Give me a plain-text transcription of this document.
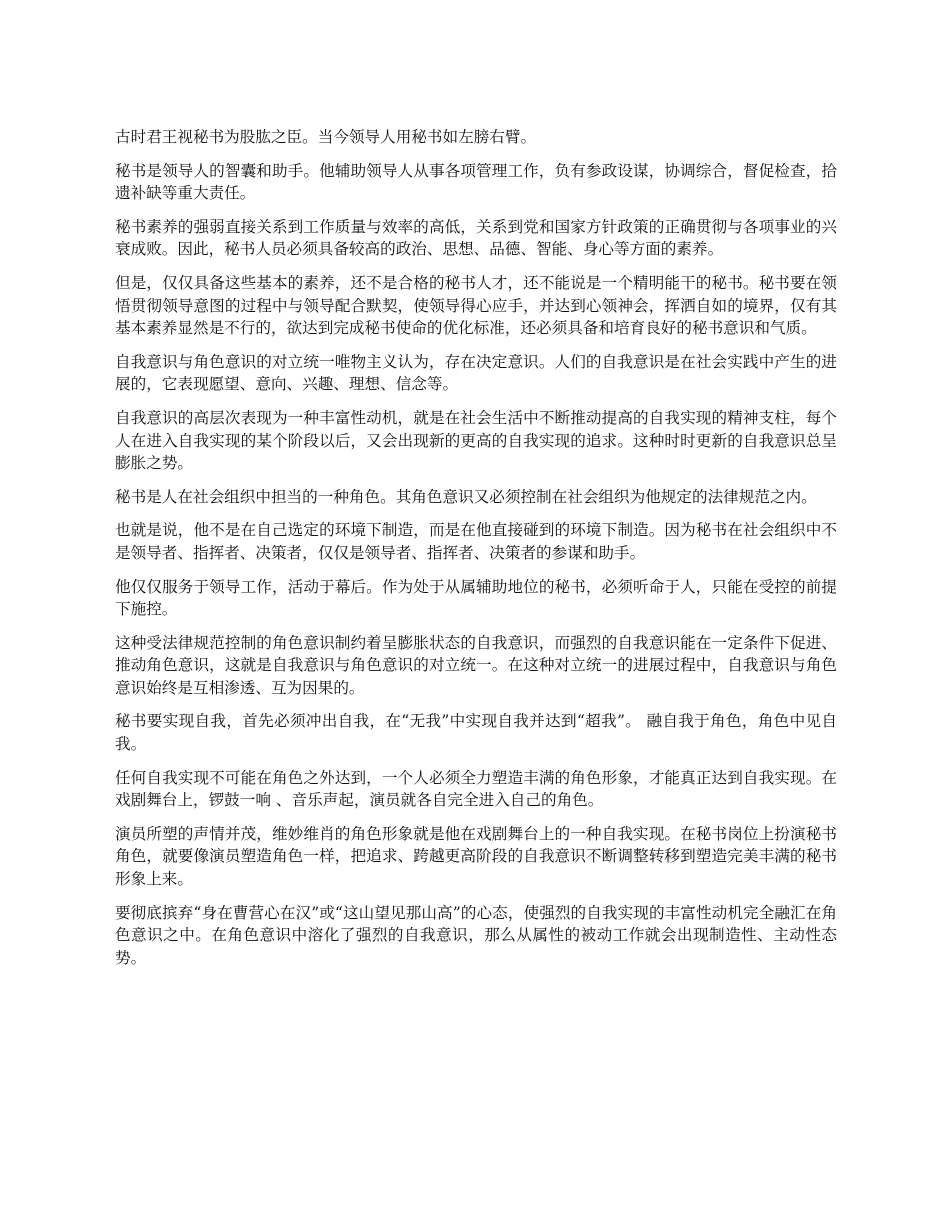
古时君王视秘书为股肱之臣。当今领导人用秘书如左膀右臂。

秘书是领导人的智囊和助手。他辅助领导人从事各项管理工作，负有参政设谋，协调综合，督促检查，拾遗补缺等重大责任。

秘书素养的强弱直接关系到工作质量与效率的高低，关系到党和国家方针政策的正确贯彻与各项事业的兴衰成败。因此，秘书人员必须具备较高的政治、思想、品德、智能、身心等方面的素养。

但是，仅仅具备这些基本的素养，还不是合格的秘书人才，还不能说是一个精明能干的秘书。秘书要在领悟贯彻领导意图的过程中与领导配合默契，使领导得心应手，并达到心领神会，挥洒自如的境界，仅有其基本素养显然是不行的，欲达到完成秘书使命的优化标准，还必须具备和培育良好的秘书意识和气质。

自我意识与角色意识的对立统一唯物主义认为，存在决定意识。人们的自我意识是在社会实践中产生的进展的，它表现愿望、意向、兴趣、理想、信念等。

自我意识的高层次表现为一种丰富性动机，就是在社会生活中不断推动提高的自我实现的精神支柱，每个人在进入自我实现的某个阶段以后，又会出现新的更高的自我实现的追求。这种时时更新的自我意识总呈膨胀之势。

秘书是人在社会组织中担当的一种角色。其角色意识又必须控制在社会组织为他规定的法律规范之内。

也就是说，他不是在自己选定的环境下制造，而是在他直接碰到的环境下制造。因为秘书在社会组织中不是领导者、指挥者、决策者，仅仅是领导者、指挥者、决策者的参谋和助手。

他仅仅服务于领导工作，活动于幕后。作为处于从属辅助地位的秘书，必须听命于人，只能在受控的前提下施控。

这种受法律规范控制的角色意识制约着呈膨胀状态的自我意识，而强烈的自我意识能在一定条件下促进、推动角色意识，这就是自我意识与角色意识的对立统一。在这种对立统一的进展过程中，自我意识与角色意识始终是互相渗透、互为因果的。

秘书要实现自我，首先必须冲出自我，在“无我”中实现自我并达到“超我”。 融自我于角色，角色中见自我。

任何自我实现不可能在角色之外达到，一个人必须全力塑造丰满的角色形象，才能真正达到自我实现。在戏剧舞台上，锣鼓一响 、音乐声起，演员就各自完全进入自己的角色。

演员所塑的声情并茂，维妙维肖的角色形象就是他在戏剧舞台上的一种自我实现。在秘书岗位上扮演秘书角色，就要像演员塑造角色一样，把追求、跨越更高阶段的自我意识不断调整转移到塑造完美丰满的秘书形象上来。

要彻底摈弃“身在曹营心在汉”或“这山望见那山高”的心态，使强烈的自我实现的丰富性动机完全融汇在角色意识之中。在角色意识中溶化了强烈的自我意识，那么从属性的被动工作就会出现制造性、主动性态势。
